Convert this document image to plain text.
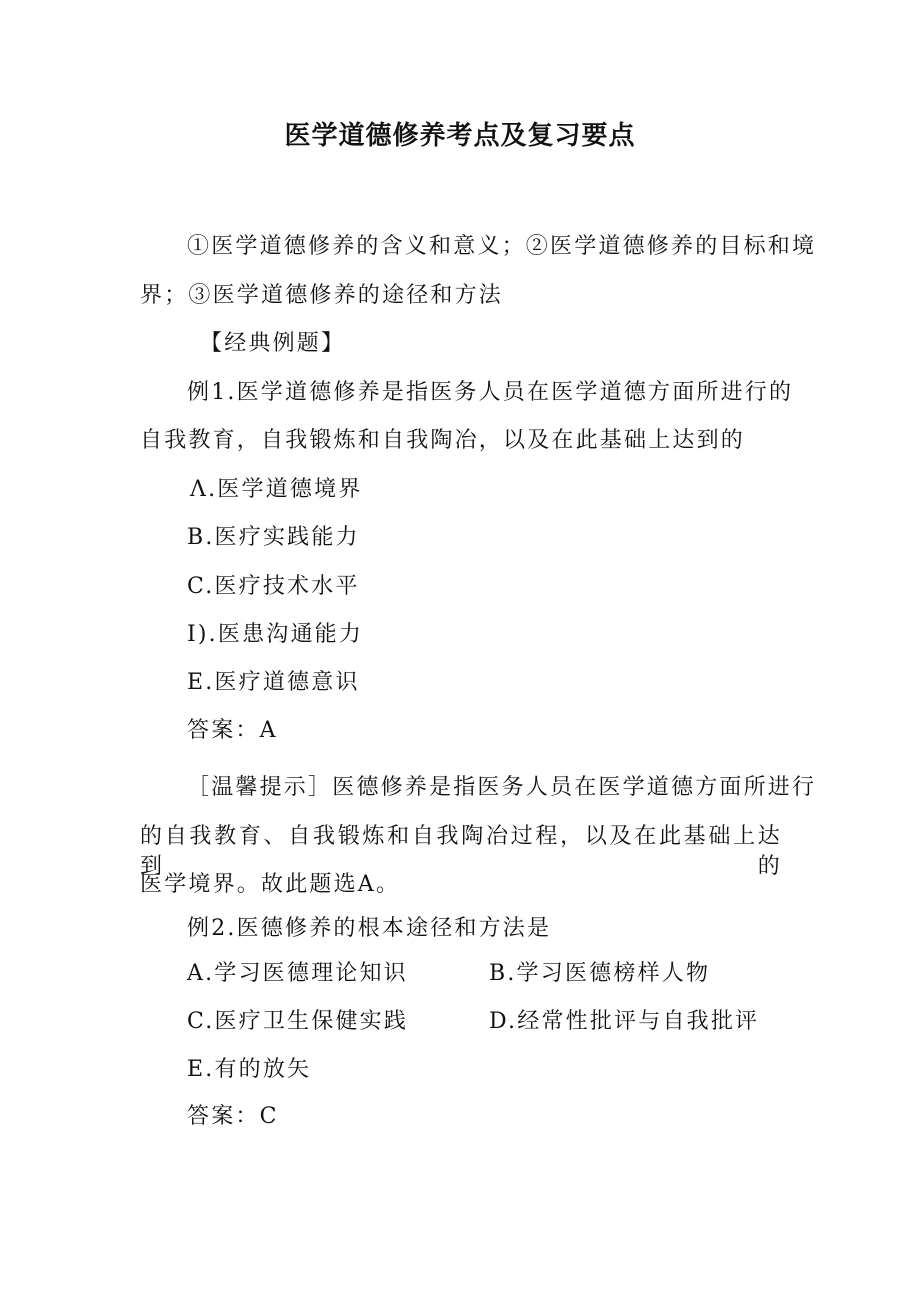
医学道德修养考点及复习要点
①医学道德修养的含义和意义；②医学道德修养的目标和境
界；③医学道德修养的途径和方法
【经典例题】
例1.医学道德修养是指医务人员在医学道德方面所进行的
自我教育，自我锻炼和自我陶冶，以及在此基础上达到的
Λ.医学道德境界
B.医疗实践能力
C.医疗技术水平
I).医患沟通能力
E.医疗道德意识
答案：A
［温馨提示］医德修养是指医务人员在医学道德方面所进行
的自我教育、自我锻炼和自我陶冶过程，以及在此基础上达到的
医学境界。故此题选A。
例2.医德修养的根本途径和方法是
A.学习医德理论知识	B.学习医德榜样人物
C.医疗卫生保健实践	D.经常性批评与自我批评
E.有的放矢
答案：C
